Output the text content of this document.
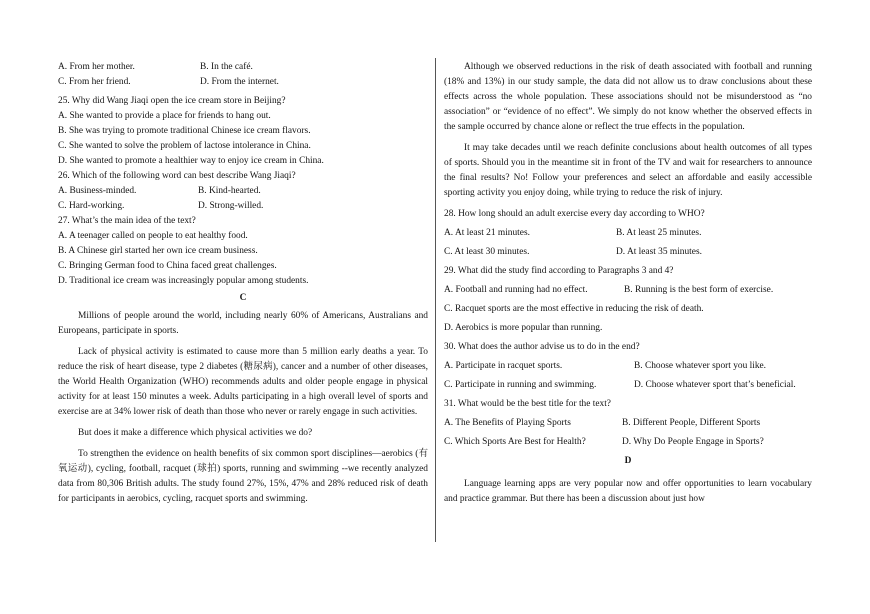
A. From her mother.	B. In the café.
C. From her friend.	D. From the internet.
25. Why did Wang Jiaqi open the ice cream store in Beijing?
A. She wanted to provide a place for friends to hang out.
B. She was trying to promote traditional Chinese ice cream flavors.
C. She wanted to solve the problem of lactose intolerance in China.
D. She wanted to promote a healthier way to enjoy ice cream in China.
26. Which of the following word can best describe Wang Jiaqi?
A. Business-minded.	B. Kind-hearted.
C. Hard-working.	D. Strong-willed.
27. What’s the main idea of the text?
A. A teenager called on people to eat healthy food.
B. A Chinese girl started her own ice cream business.
C. Bringing German food to China faced great challenges.
D. Traditional ice cream was increasingly popular among students.
C

Millions of people around the world, including nearly 60% of Americans, Australians and Europeans, participate in sports.

Lack of physical activity is estimated to cause more than 5 million early deaths a year. To reduce the risk of heart disease, type 2 diabetes (糖尿病), cancer and a number of other diseases, the World Health Organization (WHO) recommends adults and older people engage in physical activity for at least 150 minutes a week. Adults participating in a high overall level of sports and exercise are at 34% lower risk of death than those who never or rarely engage in such activities.

But does it make a difference which physical activities we do?

To strengthen the evidence on health benefits of six common sport disciplines—aerobics (有氧运动), cycling, football, racquet (球拍) sports, running and swimming --we recently analyzed data from 80,306 British adults. The study found 27%, 15%, 47% and 28% reduced risk of death for participants in aerobics, cycling, racquet sports and swimming.

Although we observed reductions in the risk of death associated with football and running (18% and 13%) in our study sample, the data did not allow us to draw conclusions about these effects across the whole population. These associations should not be misunderstood as “no association” or “evidence of no effect”. We simply do not know whether the observed effects in the sample occurred by chance alone or reflect the true effects in the population.

It may take decades until we reach definite conclusions about health outcomes of all types of sports. Should you in the meantime sit in front of the TV and wait for researchers to announce the final results? No! Follow your preferences and select an affordable and easily accessible sporting activity you enjoy doing, while trying to reduce the risk of injury.

28. How long should an adult exercise every day according to WHO?
A. At least 21 minutes.	B. At least 25 minutes.
C. At least 30 minutes.	D. At least 35 minutes.
29. What did the study find according to Paragraphs 3 and 4?
A. Football and running had no effect.	B. Running is the best form of exercise.
C. Racquet sports are the most effective in reducing the risk of death.
D. Aerobics is more popular than running.
30. What does the author advise us to do in the end?
A. Participate in racquet sports.	B. Choose whatever sport you like.
C. Participate in running and swimming.	D. Choose whatever sport that’s beneficial.
31. What would be the best title for the text?
A. The Benefits of Playing Sports	B. Different People, Different Sports
C. Which Sports Are Best for Health?	D. Why Do People Engage in Sports?
D

Language learning apps are very popular now and offer opportunities to learn vocabulary and practice grammar. But there has been a discussion about just how
